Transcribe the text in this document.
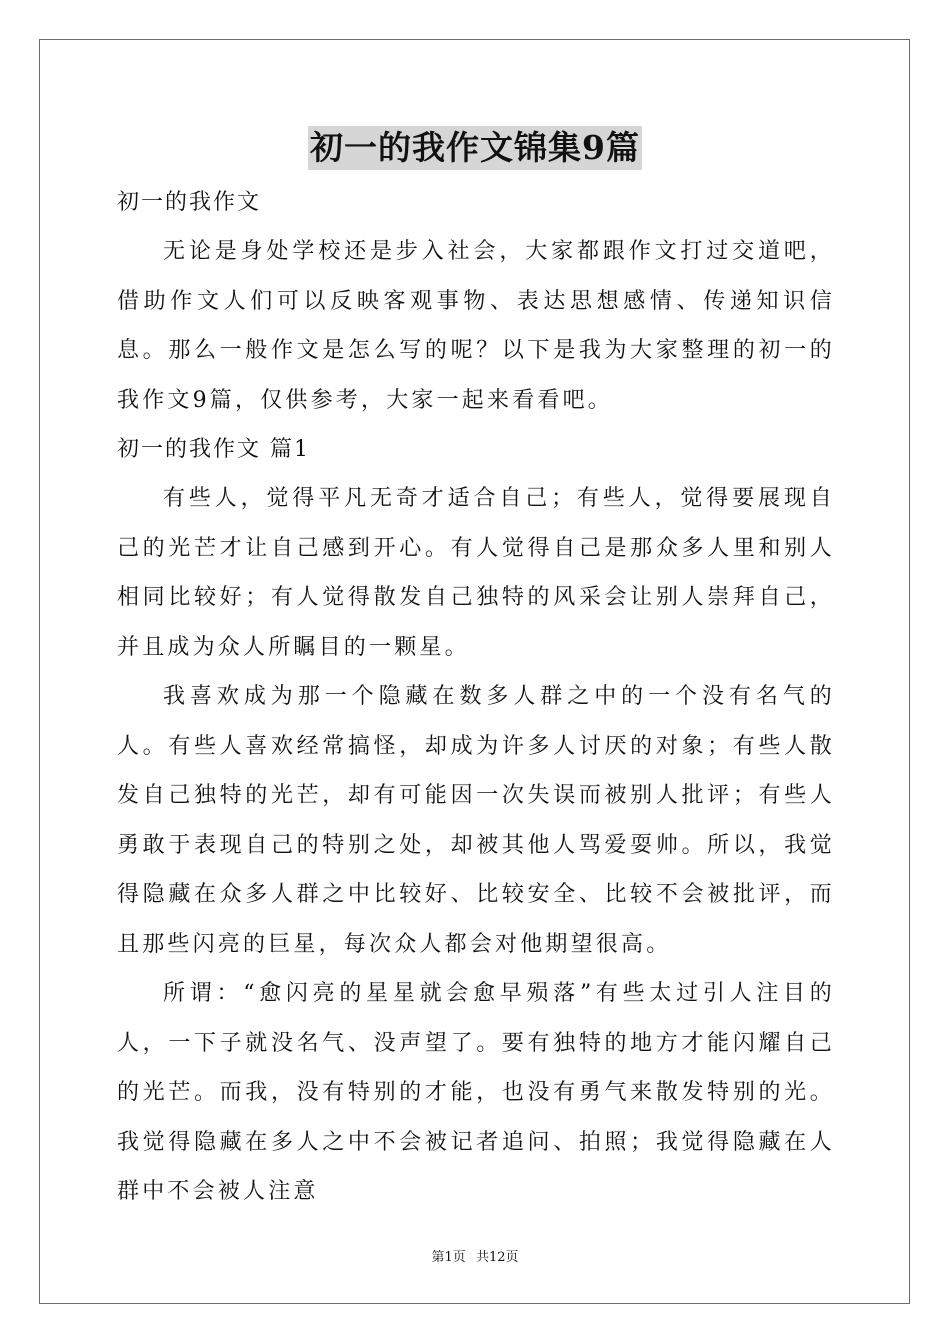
初一的我作文锦集9篇

初一的我作文

无论是身处学校还是步入社会，大家都跟作文打过交道吧，借助作文人们可以反映客观事物、表达思想感情、传递知识信息。那么一般作文是怎么写的呢？以下是我为大家整理的初一的我作文9篇，仅供参考，大家一起来看看吧。

初一的我作文 篇1

有些人，觉得平凡无奇才适合自己；有些人，觉得要展现自己的光芒才让自己感到开心。有人觉得自己是那众多人里和别人相同比较好；有人觉得散发自己独特的风采会让别人崇拜自己，并且成为众人所瞩目的一颗星。

我喜欢成为那一个隐藏在数多人群之中的一个没有名气的人。有些人喜欢经常搞怪，却成为许多人讨厌的对象；有些人散发自己独特的光芒，却有可能因一次失误而被别人批评；有些人勇敢于表现自己的特别之处，却被其他人骂爱耍帅。所以，我觉得隐藏在众多人群之中比较好、比较安全、比较不会被批评，而且那些闪亮的巨星，每次众人都会对他期望很高。

所谓：“愈闪亮的星星就会愈早殒落”有些太过引人注目的人，一下子就没名气、没声望了。要有独特的地方才能闪耀自己的光芒。而我，没有特别的才能，也没有勇气来散发特别的光。我觉得隐藏在多人之中不会被记者追问、拍照；我觉得隐藏在人群中不会被人注意

第1页 共12页
